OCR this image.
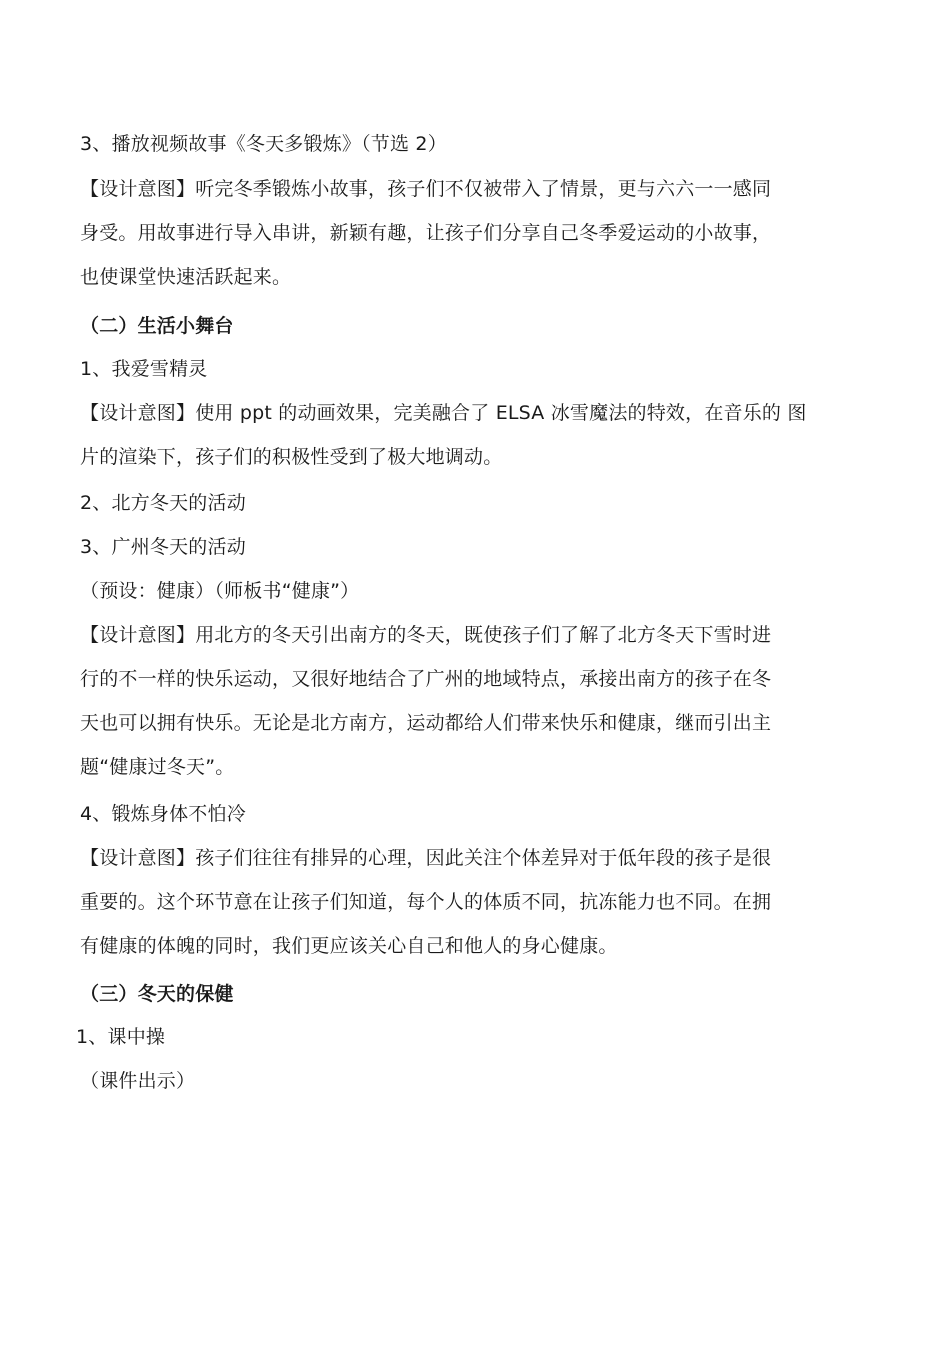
3、播放视频故事《冬天多锻炼》（节选 2）
【设计意图】听完冬季锻炼小故事，孩子们不仅被带入了情景，更与六六一一感同
身受。用故事进行导入串讲，新颖有趣，让孩子们分享自己冬季爱运动的小故事，
也使课堂快速活跃起来。
（二）生活小舞台
1、我爱雪精灵
【设计意图】使用 ppt 的动画效果，完美融合了 ELSA 冰雪魔法的特效，在音乐的 图
片的渲染下，孩子们的积极性受到了极大地调动。
2、北方冬天的活动
3、广州冬天的活动
（预设：健康）（师板书“健康”）
【设计意图】用北方的冬天引出南方的冬天，既使孩子们了解了北方冬天下雪时进
行的不一样的快乐运动，又很好地结合了广州的地域特点，承接出南方的孩子在冬
天也可以拥有快乐。无论是北方南方，运动都给人们带来快乐和健康，继而引出主
题“健康过冬天”。
4、锻炼身体不怕冷
【设计意图】孩子们往往有排异的心理，因此关注个体差异对于低年段的孩子是很
重要的。这个环节意在让孩子们知道，每个人的体质不同，抗冻能力也不同。在拥
有健康的体魄的同时，我们更应该关心自己和他人的身心健康。
（三）冬天的保健
1、课中操
（课件出示）
